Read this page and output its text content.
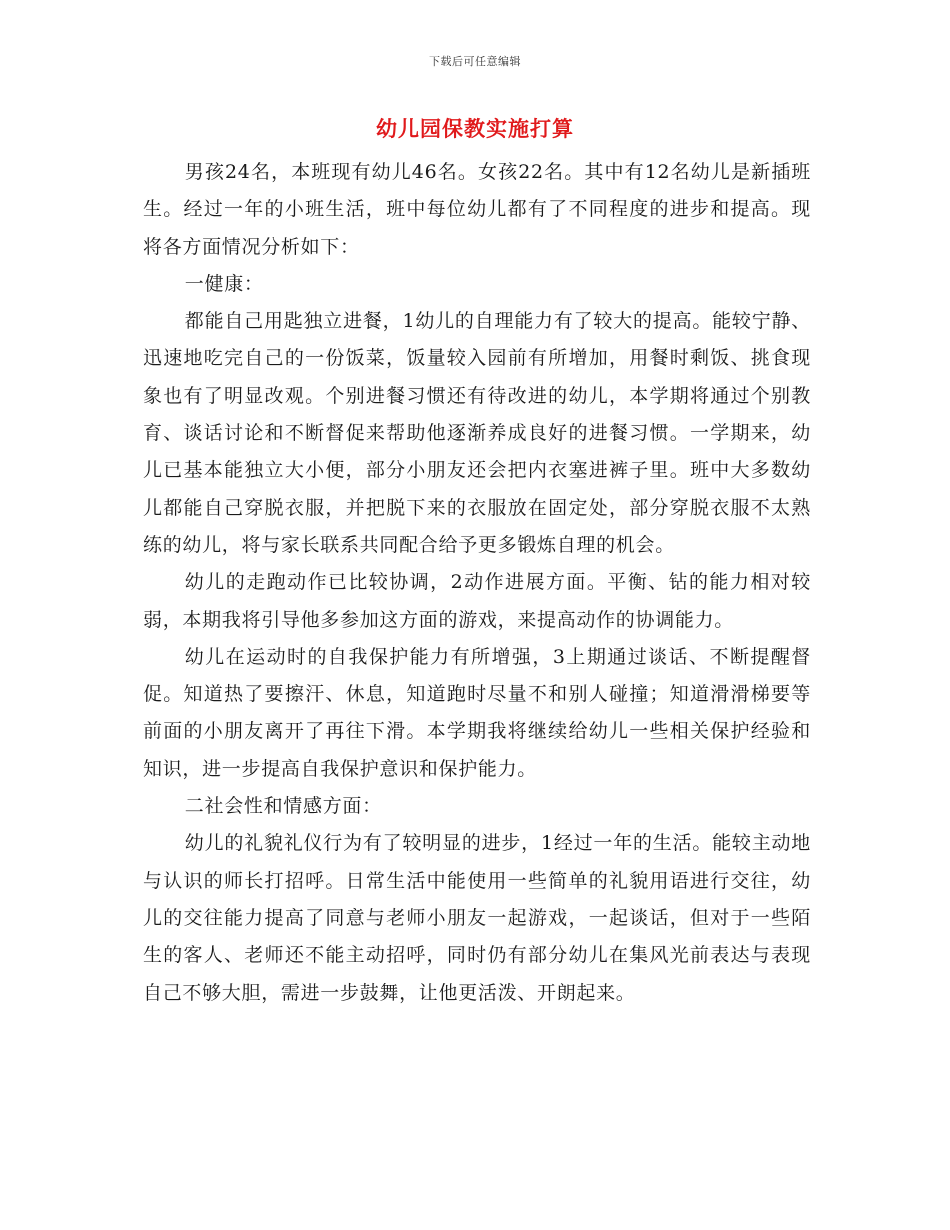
下载后可任意编辑
幼儿园保教实施打算

男孩24名，本班现有幼儿46名。女孩22名。其中有12名幼儿是新插班生。经过一年的小班生活，班中每位幼儿都有了不同程度的进步和提高。现将各方面情况分析如下：

一健康：

都能自己用匙独立进餐，1幼儿的自理能力有了较大的提高。能较宁静、迅速地吃完自己的一份饭菜，饭量较入园前有所增加，用餐时剩饭、挑食现象也有了明显改观。个别进餐习惯还有待改进的幼儿，本学期将通过个别教育、谈话讨论和不断督促来帮助他逐渐养成良好的进餐习惯。一学期来，幼儿已基本能独立大小便，部分小朋友还会把内衣塞进裤子里。班中大多数幼儿都能自己穿脱衣服，并把脱下来的衣服放在固定处，部分穿脱衣服不太熟练的幼儿，将与家长联系共同配合给予更多锻炼自理的机会。

幼儿的走跑动作已比较协调，2动作进展方面。平衡、钻的能力相对较弱，本期我将引导他多参加这方面的游戏，来提高动作的协调能力。

幼儿在运动时的自我保护能力有所增强，3上期通过谈话、不断提醒督促。知道热了要擦汗、休息，知道跑时尽量不和别人碰撞；知道滑滑梯要等前面的小朋友离开了再往下滑。本学期我将继续给幼儿一些相关保护经验和知识，进一步提高自我保护意识和保护能力。

二社会性和情感方面：

幼儿的礼貌礼仪行为有了较明显的进步，1经过一年的生活。能较主动地与认识的师长打招呼。日常生活中能使用一些简单的礼貌用语进行交往，幼儿的交往能力提高了同意与老师小朋友一起游戏，一起谈话，但对于一些陌生的客人、老师还不能主动招呼，同时仍有部分幼儿在集风光前表达与表现自己不够大胆，需进一步鼓舞，让他更活泼、开朗起来。
